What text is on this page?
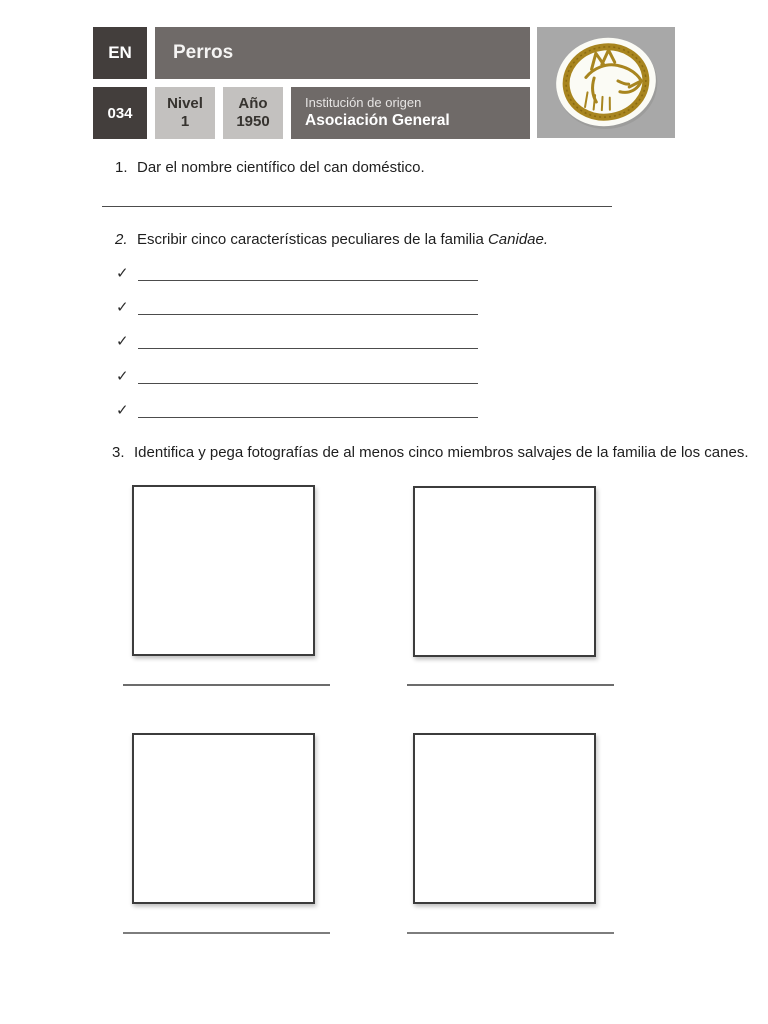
EN Perros
034
Nivel
1
Año
1950
Institución de origen
Asociación General
1. Dar el nombre científico del can doméstico.
2. Escribir cinco características peculiares de la familia Canidae.
✓
✓
✓
✓
✓
3. Identifica y pega fotografías de al menos cinco miembros salvajes de la familia de los canes.
